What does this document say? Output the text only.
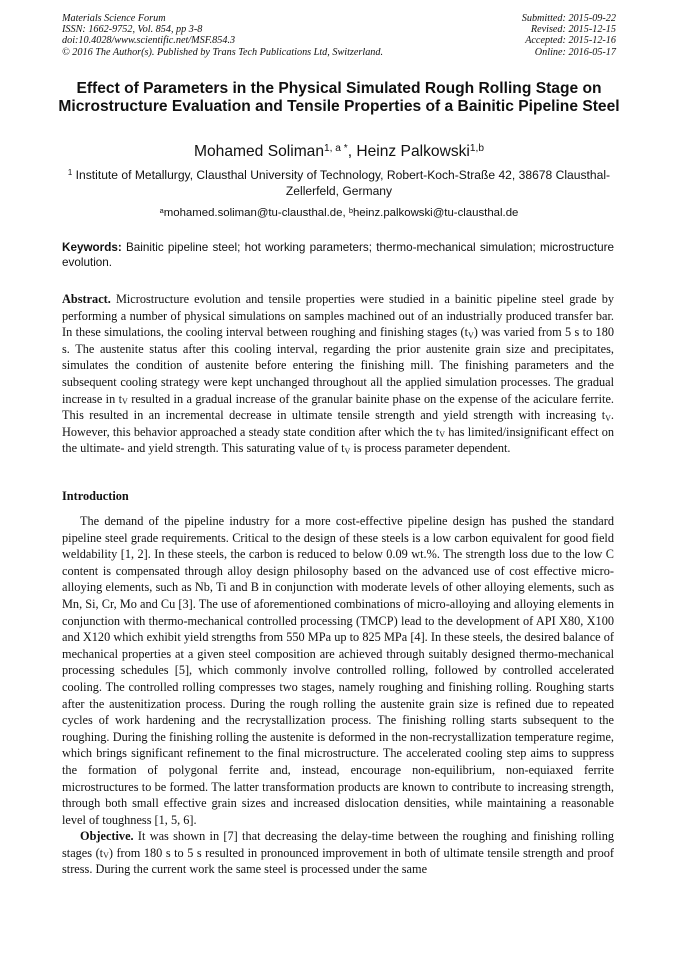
Materials Science Forum
ISSN: 1662-9752, Vol. 854, pp 3-8
doi:10.4028/www.scientific.net/MSF.854.3
© 2016 The Author(s). Published by Trans Tech Publications Ltd, Switzerland.
Submitted: 2015-09-22
Revised: 2015-12-15
Accepted: 2015-12-16
Online: 2016-05-17
Effect of Parameters in the Physical Simulated Rough Rolling Stage on Microstructure Evaluation and Tensile Properties of a Bainitic Pipeline Steel
Mohamed Soliman$^{1, a *}$, Heinz Palkowski$^{1,b}$
$^1$ Institute of Metallurgy, Clausthal University of Technology, Robert-Koch-Straße 42, 38678 Clausthal-Zellerfeld, Germany
$^a$mohamed.soliman@tu-clausthal.de, $^b$heinz.palkowski@tu-clausthal.de
Keywords: Bainitic pipeline steel; hot working parameters; thermo-mechanical simulation; microstructure evolution.
Abstract. Microstructure evolution and tensile properties were studied in a bainitic pipeline steel grade by performing a number of physical simulations on samples machined out of an industrially produced transfer bar. In these simulations, the cooling interval between roughing and finishing stages $(t_V)$ was varied from 5 s to 180 s. The austenite status after this cooling interval, regarding the prior austenite grain size and precipitates, simulates the condition of austenite before entering the finishing mill. The finishing parameters and the subsequent cooling strategy were kept unchanged throughout all the applied simulation processes. The gradual increase in $t_V$ resulted in a gradual increase of the granular bainite phase on the expense of the aciculare ferrite. This resulted in an incremental decrease in ultimate tensile strength and yield strength with increasing $t_V$. However, this behavior approached a steady state condition after which the $t_V$ has limited/insignificant effect on the ultimate- and yield strength. This saturating value of $t_V$ is process parameter dependent.
Introduction

The demand of the pipeline industry for a more cost-effective pipeline design has pushed the standard pipeline steel grade requirements. Critical to the design of these steels is a low carbon equivalent for good field weldability [1, 2]. In these steels, the carbon is reduced to below 0.09 wt.%. The strength loss due to the low C content is compensated through alloy design philosophy based on the advanced use of cost effective micro-alloying elements, such as Nb, Ti and B in conjunction with moderate levels of other alloying elements, such as Mn, Si, Cr, Mo and Cu [3]. The use of aforementioned combinations of micro-alloying and alloying elements in conjunction with thermo-mechanical controlled processing (TMCP) lead to the development of API X80, X100 and X120 which exhibit yield strengths from 550 MPa up to 825 MPa [4]. In these steels, the desired balance of mechanical properties at a given steel composition are achieved through suitably designed thermo-mechanical processing schedules [5], which commonly involve controlled rolling, followed by controlled accelerated cooling. The controlled rolling compresses two stages, namely roughing and finishing rolling. Roughing starts after the austenitization process. During the rough rolling the austenite grain size is refined due to repeated cycles of work hardening and the recrystallization process. The finishing rolling starts subsequent to the roughing. During the finishing rolling the austenite is deformed in the non-recrystallization temperature regime, which brings significant refinement to the final microstructure. The accelerated cooling step aims to suppress the formation of polygonal ferrite and, instead, encourage non-equilibrium, non-equiaxed ferrite microstructures to be formed. The latter transformation products are known to contribute to increasing strength, through both small effective grain sizes and increased dislocation densities, while maintaining a reasonable level of toughness [1, 5, 6].

Objective. It was shown in [7] that decreasing the delay-time between the roughing and finishing rolling stages $(t_V)$ from 180 s to 5 s resulted in pronounced improvement in both of ultimate tensile strength and proof stress. During the current work the same steel is processed under the same
